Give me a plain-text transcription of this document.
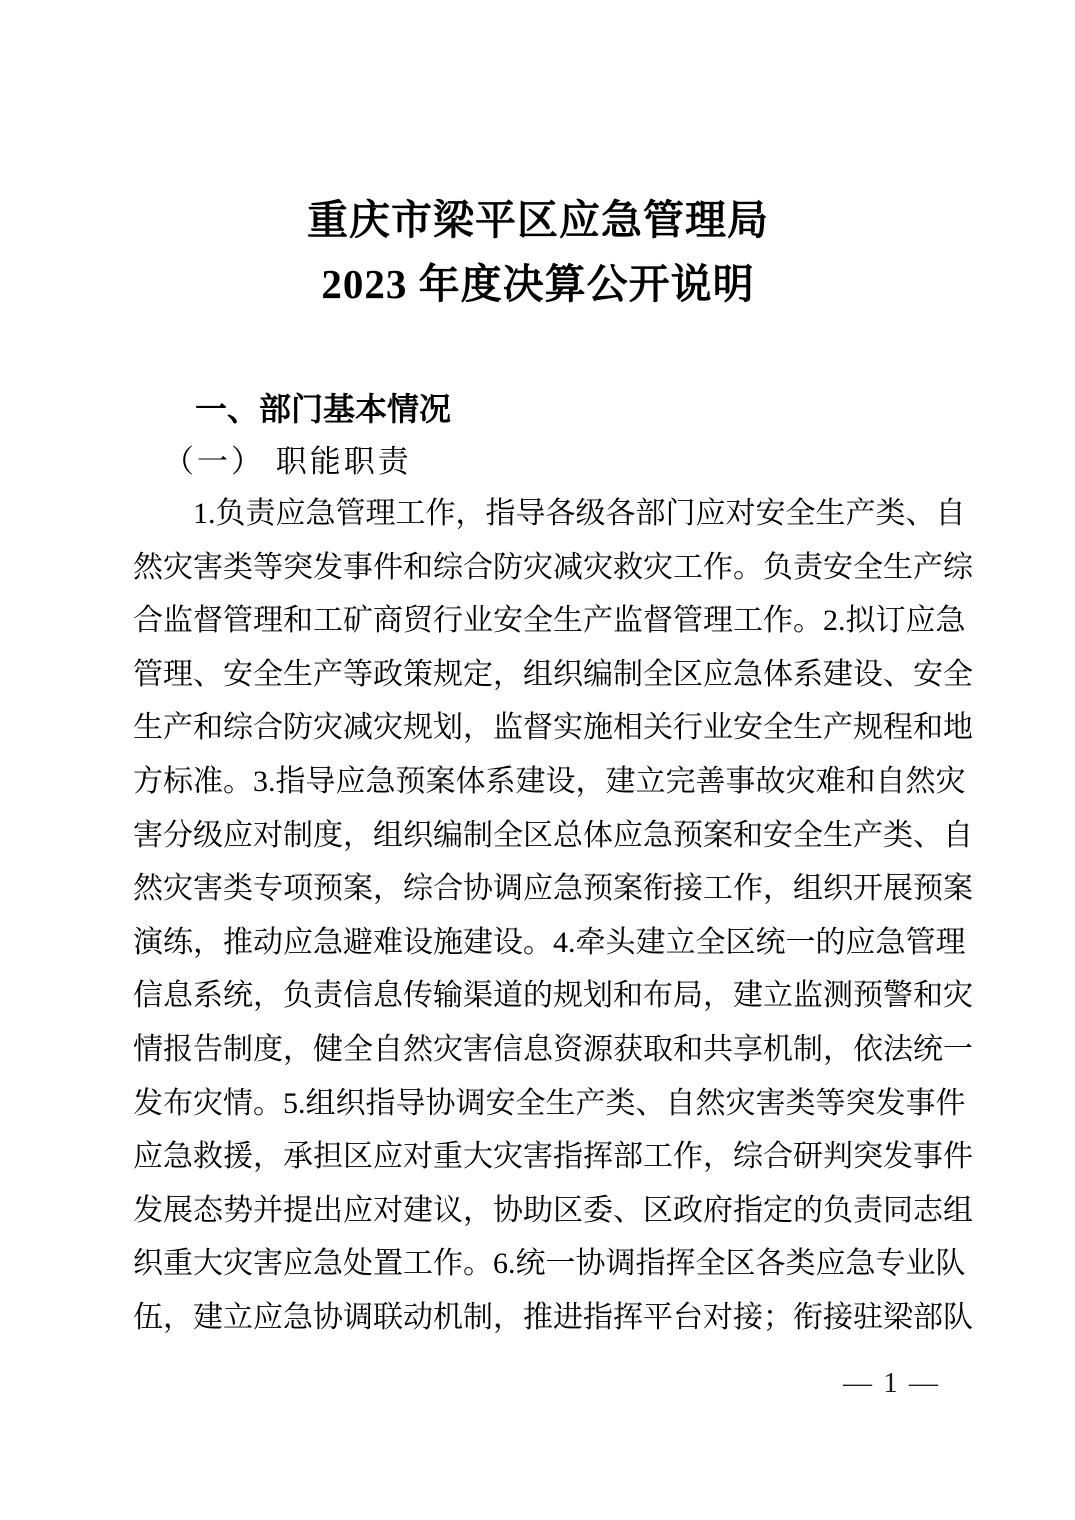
重庆市梁平区应急管理局
2023 年度决算公开说明
一、部门基本情况
（一） 职能职责
1.负责应急管理工作，指导各级各部门应对安全生产类、自
然灾害类等突发事件和综合防灾减灾救灾工作。负责安全生产综
合监督管理和工矿商贸行业安全生产监督管理工作。2.拟订应急
管理、安全生产等政策规定，组织编制全区应急体系建设、安全
生产和综合防灾减灾规划，监督实施相关行业安全生产规程和地
方标准。3.指导应急预案体系建设，建立完善事故灾难和自然灾
害分级应对制度，组织编制全区总体应急预案和安全生产类、自
然灾害类专项预案，综合协调应急预案衔接工作，组织开展预案
演练，推动应急避难设施建设。4.牵头建立全区统一的应急管理
信息系统，负责信息传输渠道的规划和布局，建立监测预警和灾
情报告制度，健全自然灾害信息资源获取和共享机制，依法统一
发布灾情。5.组织指导协调安全生产类、自然灾害类等突发事件
应急救援，承担区应对重大灾害指挥部工作，综合研判突发事件
发展态势并提出应对建议，协助区委、区政府指定的负责同志组
织重大灾害应急处置工作。6.统一协调指挥全区各类应急专业队
伍，建立应急协调联动机制，推进指挥平台对接；衔接驻梁部队
— 1 —
